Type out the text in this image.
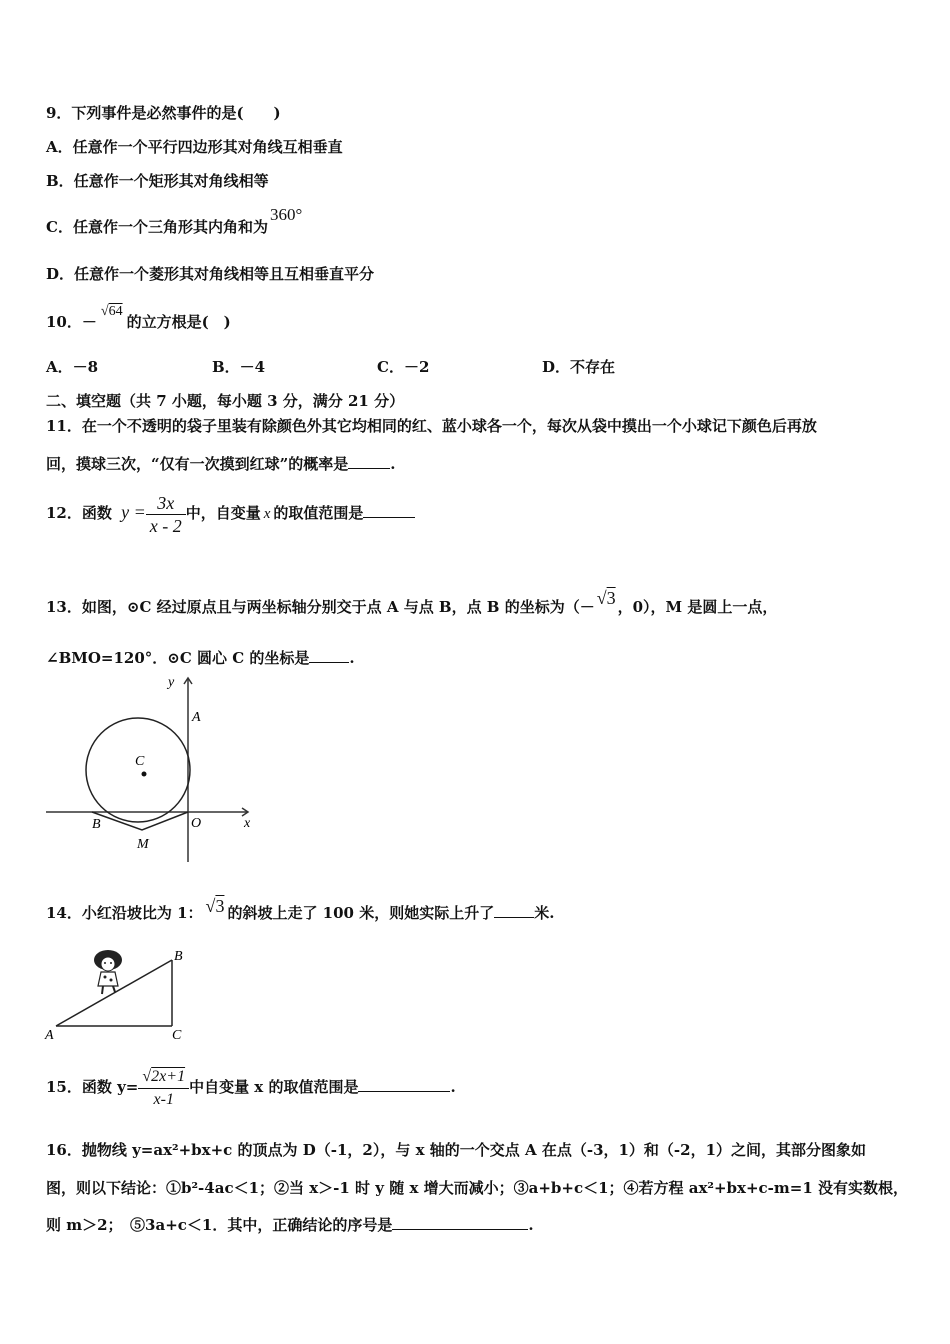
9．下列事件是必然事件的是(　　)
A．任意作一个平行四边形其对角线互相垂直
B．任意作一个矩形其对角线相等
C．任意作一个三角形其内角和为360°
D．任意作一个菱形其对角线相等且互相垂直平分
10．－√64的立方根是(　)
A．－8	B．－4	C．－2	D．不存在
二、填空题（共 7 小题，每小题 3 分，满分 21 分）
11．在一个不透明的袋子里装有除颜色外其它均相同的红、蓝小球各一个，每次从袋中摸出一个小球记下颜色后再放
回，摸球三次，“仅有一次摸到红球”的概率是	.
12．函数 $y = \frac{3x}{x - 2}$ 中，自变量 x 的取值范围是
13．如图，⊙C 经过原点且与两坐标轴分别交于点 A 与点 B，点 B 的坐标为（－ √3 ，0），M 是圆上一点，
∠BMO=120°．⊙C 圆心 C 的坐标是	.
y
x
A
B
C
O
M
14．小红沿坡比为 1： √3 的斜坡上走了 100 米，则她实际上升了	米.
A
B
C
15．函数 $y= \frac{√2x+1}{x-1}$ 中自变量 x 的取值范围是	.
16．抛物线 y=ax²+bx+c 的顶点为 D（-1，2），与 x 轴的一个交点 A 在点（-3，1）和（-2，1）之间，其部分图象如
图，则以下结论：①b²-4ac＜1；②当 x＞-1 时 y 随 x 增大而减小；③a+b+c＜1；④若方程 ax²+bx+c-m=1 没有实数根，
则 m＞2；　⑤3a+c＜1．其中，正确结论的序号是	.
